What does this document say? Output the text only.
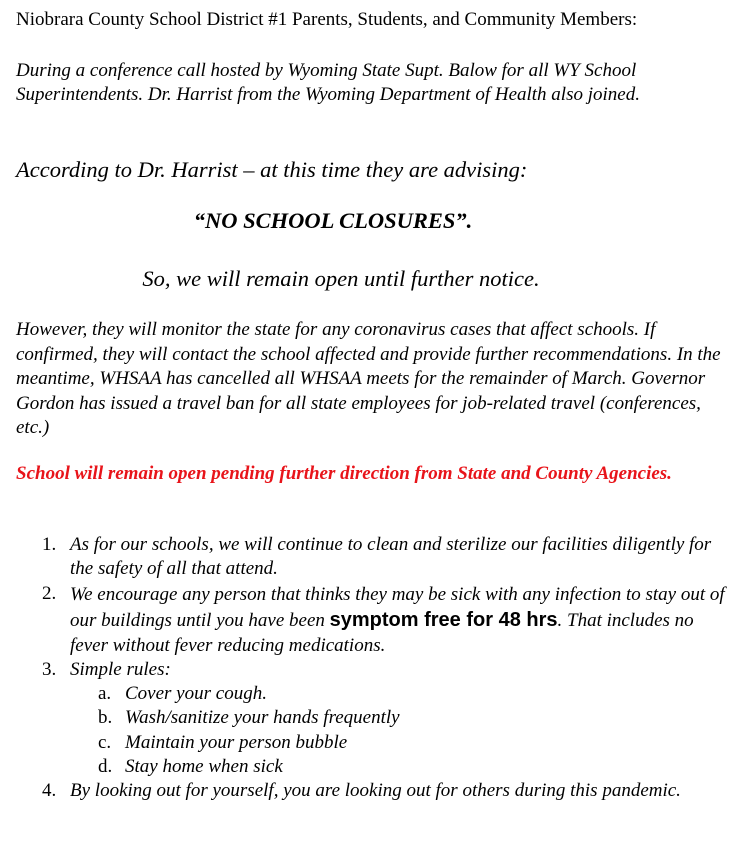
Niobrara County School District #1 Parents, Students, and Community Members:

During a conference call hosted by Wyoming State Supt. Balow for all WY School Superintendents. Dr. Harrist from the Wyoming Department of Health also joined.

According to Dr. Harrist – at this time they are advising:

“NO SCHOOL CLOSURES”.

So, we will remain open until further notice.

However, they will monitor the state for any coronavirus cases that affect schools. If confirmed, they will contact the school affected and provide further recommendations. In the meantime, WHSAA has cancelled all WHSAA meets for the remainder of March. Governor Gordon has issued a travel ban for all state employees for job-related travel (conferences, etc.)

School will remain open pending further direction from State and County Agencies.

1. As for our schools, we will continue to clean and sterilize our facilities diligently for the safety of all that attend.
2. We encourage any person that thinks they may be sick with any infection to stay out of our buildings until you have been symptom free for 48 hrs. That includes no fever without fever reducing medications.
3. Simple rules:
a. Cover your cough.
b. Wash/sanitize your hands frequently
c. Maintain your person bubble
d. Stay home when sick
4. By looking out for yourself, you are looking out for others during this pandemic.
